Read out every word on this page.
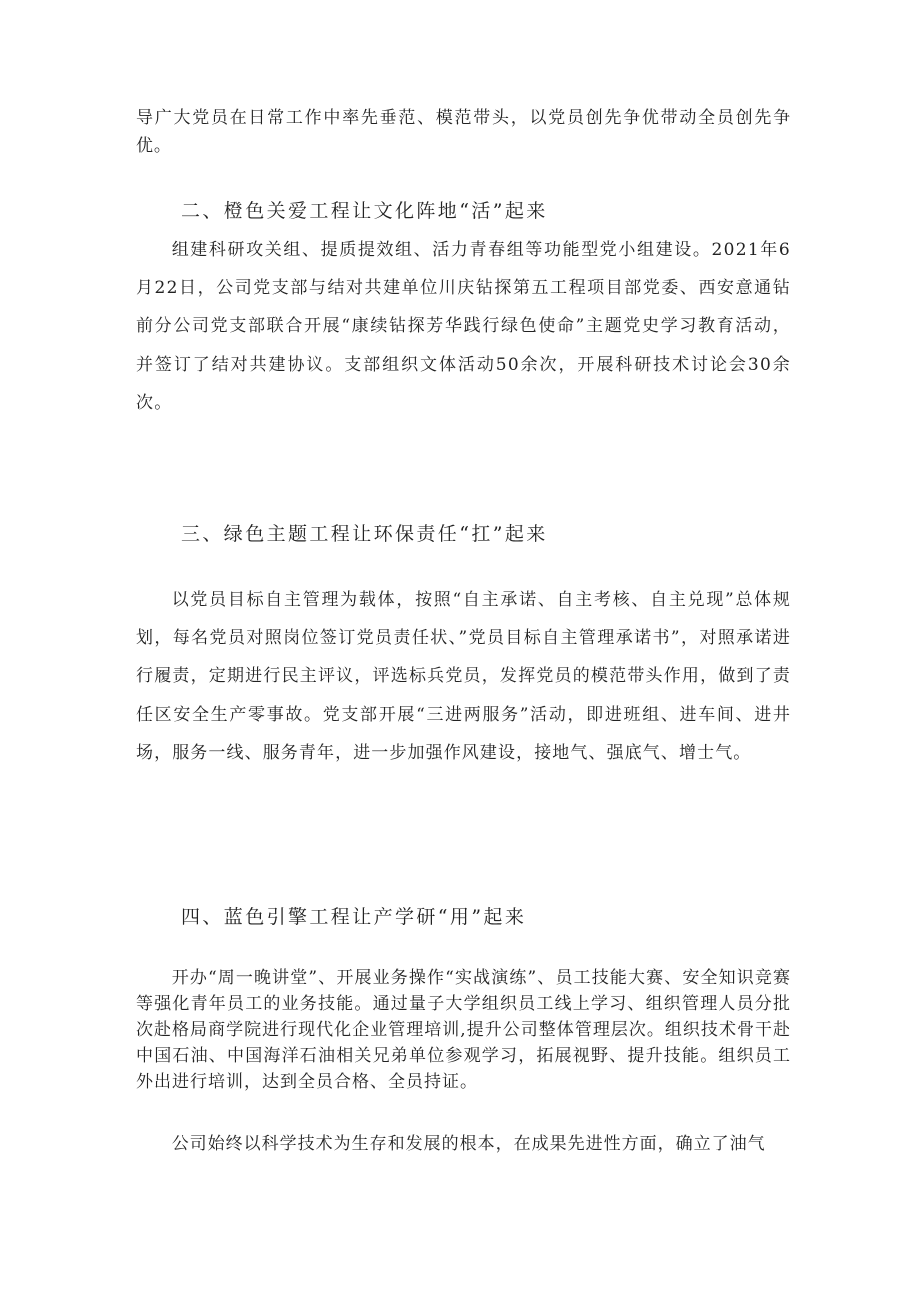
导广大党员在日常工作中率先垂范、模范带头，以党员创先争优带动全员创先争优。

二、橙色关爱工程让文化阵地“活”起来

组建科研攻关组、提质提效组、活力青春组等功能型党小组建设。2021年6月22日，公司党支部与结对共建单位川庆钻探第五工程项目部党委、西安意通钻前分公司党支部联合开展“康续钻探芳华践行绿色使命”主题党史学习教育活动，并签订了结对共建协议。支部组织文体活动50余次，开展科研技术讨论会30余次。

三、绿色主题工程让环保责任“扛”起来

以党员目标自主管理为载体，按照“自主承诺、自主考核、自主兑现”总体规划，每名党员对照岗位签订党员责任状、”党员目标自主管理承诺书”，对照承诺进行履责，定期进行民主评议，评选标兵党员，发挥党员的模范带头作用，做到了责任区安全生产零事故。党支部开展“三进两服务”活动，即进班组、进车间、进井场，服务一线、服务青年，进一步加强作风建设，接地气、强底气、增士气。

四、蓝色引擎工程让产学研“用”起来

开办“周一晚讲堂”、开展业务操作“实战演练”、员工技能大赛、安全知识竞赛等强化青年员工的业务技能。通过量子大学组织员工线上学习、组织管理人员分批次赴格局商学院进行现代化企业管理培训,提升公司整体管理层次。组织技术骨干赴中国石油、中国海洋石油相关兄弟单位参观学习，拓展视野、提升技能。组织员工外出进行培训，达到全员合格、全员持证。

公司始终以科学技术为生存和发展的根本，在成果先进性方面，确立了油气
